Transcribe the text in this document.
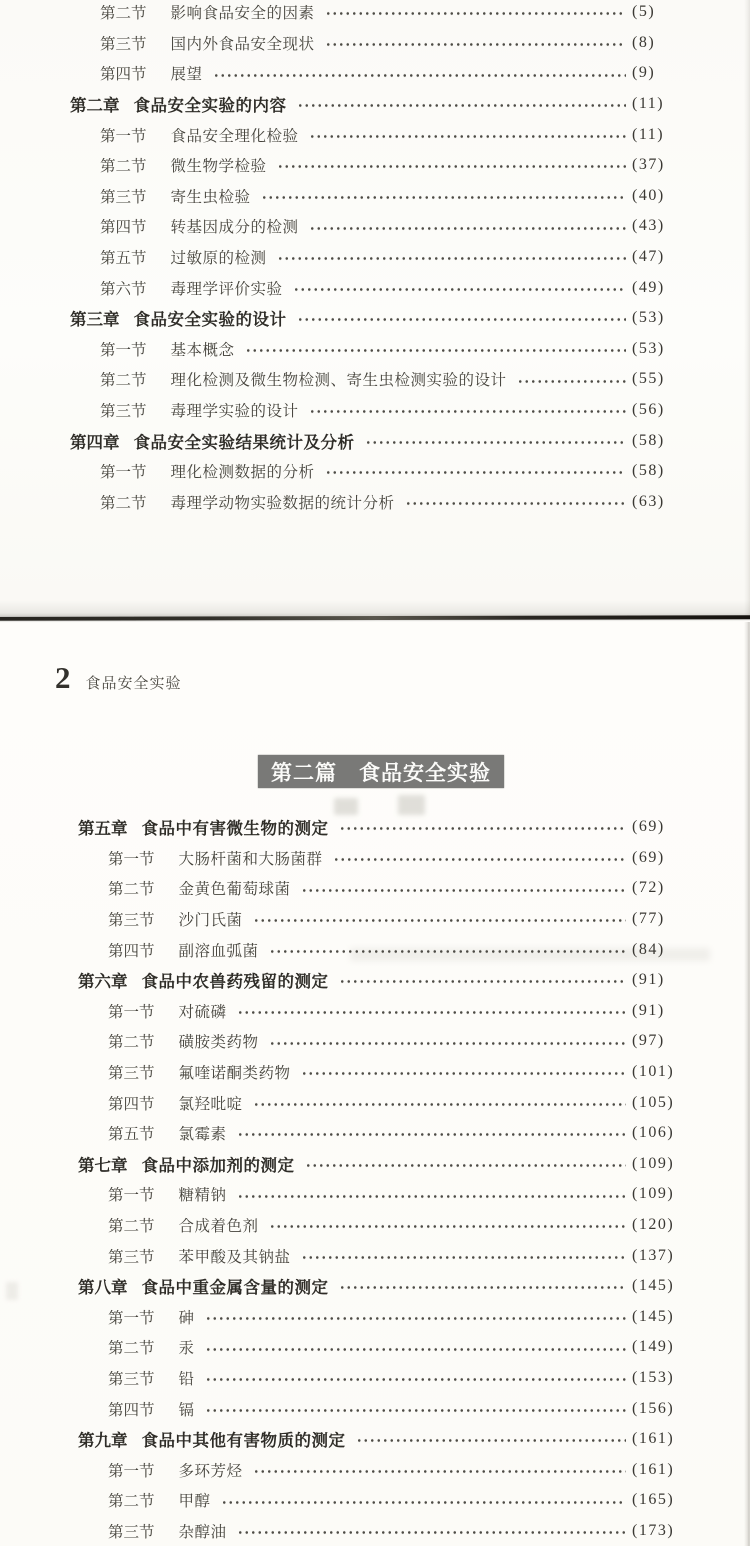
第二节 影响食品安全的因素	(5)
第三节 国内外食品安全现状	(8)
第四节 展望	(9)
第二章 食品安全实验的内容	(11)
第一节 食品安全理化检验	(11)
第二节 微生物学检验	(37)
第三节 寄生虫检验	(40)
第四节 转基因成分的检测	(43)
第五节 过敏原的检测	(47)
第六节 毒理学评价实验	(49)
第三章 食品安全实验的设计	(53)
第一节 基本概念	(53)
第二节 理化检测及微生物检测、寄生虫检测实验的设计	(55)
第三节 毒理学实验的设计	(56)
第四章 食品安全实验结果统计及分析	(58)
第一节 理化检测数据的分析	(58)
第二节 毒理学动物实验数据的统计分析	(63)
2 食品安全实验
第二篇　食品安全实验
第五章 食品中有害微生物的测定	(69)
第一节 大肠杆菌和大肠菌群	(69)
第二节 金黄色葡萄球菌	(72)
第三节 沙门氏菌	(77)
第四节 副溶血弧菌	(84)
第六章 食品中农兽药残留的测定	(91)
第一节 对硫磷	(91)
第二节 磺胺类药物	(97)
第三节 氟喹诺酮类药物	(101)
第四节 氯羟吡啶	(105)
第五节 氯霉素	(106)
第七章 食品中添加剂的测定	(109)
第一节 糖精钠	(109)
第二节 合成着色剂	(120)
第三节 苯甲酸及其钠盐	(137)
第八章 食品中重金属含量的测定	(145)
第一节 砷	(145)
第二节 汞	(149)
第三节 铅	(153)
第四节 镉	(156)
第九章 食品中其他有害物质的测定	(161)
第一节 多环芳烃	(161)
第二节 甲醇	(165)
第三节 杂醇油	(173)
